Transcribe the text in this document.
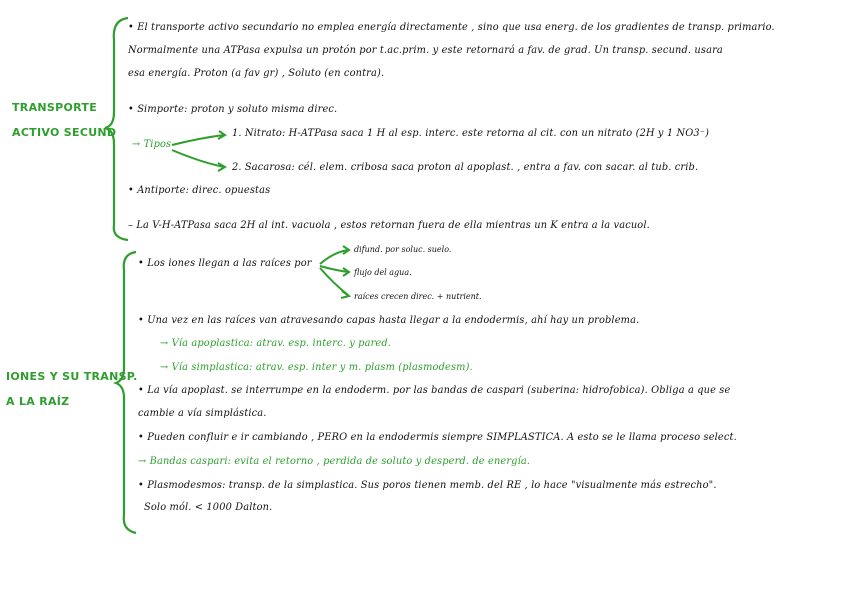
TRANSPORTE
ACTIVO SECUND
IONES Y SU TRANSP.
A LA RAÍZ
• El transporte activo secundario no emplea energía directamente , sino que usa energ. de los gradientes de transp. primario.
Normalmente una ATPasa expulsa un protón por t.ac.prim. y este retornará a fav. de grad. Un transp. secund. usara
esa energía. Proton (a fav gr) , Soluto (en contra).
• Simporte: proton y soluto misma direc.
→ Tipos
1. Nitrato: H-ATPasa saca 1 H al esp. interc. este retorna al cit. con un nitrato (2H y 1 NO3⁻)
2. Sacarosa: cél. elem. cribosa saca proton al apoplast. , entra a fav. con sacar. al tub. crib.
• Antiporte: direc. opuestas
– La V-H-ATPasa saca 2H al int. vacuola , estos retornan fuera de ella mientras un K entra a la vacuol.
• Los iones llegan a las raíces por
difund. por soluc. suelo.
flujo del agua.
raíces crecen direc. + nutrient.
• Una vez en las raíces van atravesando capas hasta llegar a la endodermis, ahí hay un problema.
→ Vía apoplastica: atrav. esp. interc. y pared.
→ Vía simplastica: atrav. esp. inter y m. plasm (plasmodesm).
• La vía apoplast. se interrumpe en la endoderm. por las bandas de caspari (suberina: hidrofobica). Obliga a que se
cambie a vía simplástica.
• Pueden confluir e ir cambiando , PERO en la endodermis siempre SIMPLASTICA. A esto se le llama proceso select.
→ Bandas caspari: evita el retorno , perdida de soluto y desperd. de energía.
• Plasmodesmos: transp. de la simplastica. Sus poros tienen memb. del RE , lo hace "visualmente más estrecho".
Solo mól. < 1000 Dalton.
